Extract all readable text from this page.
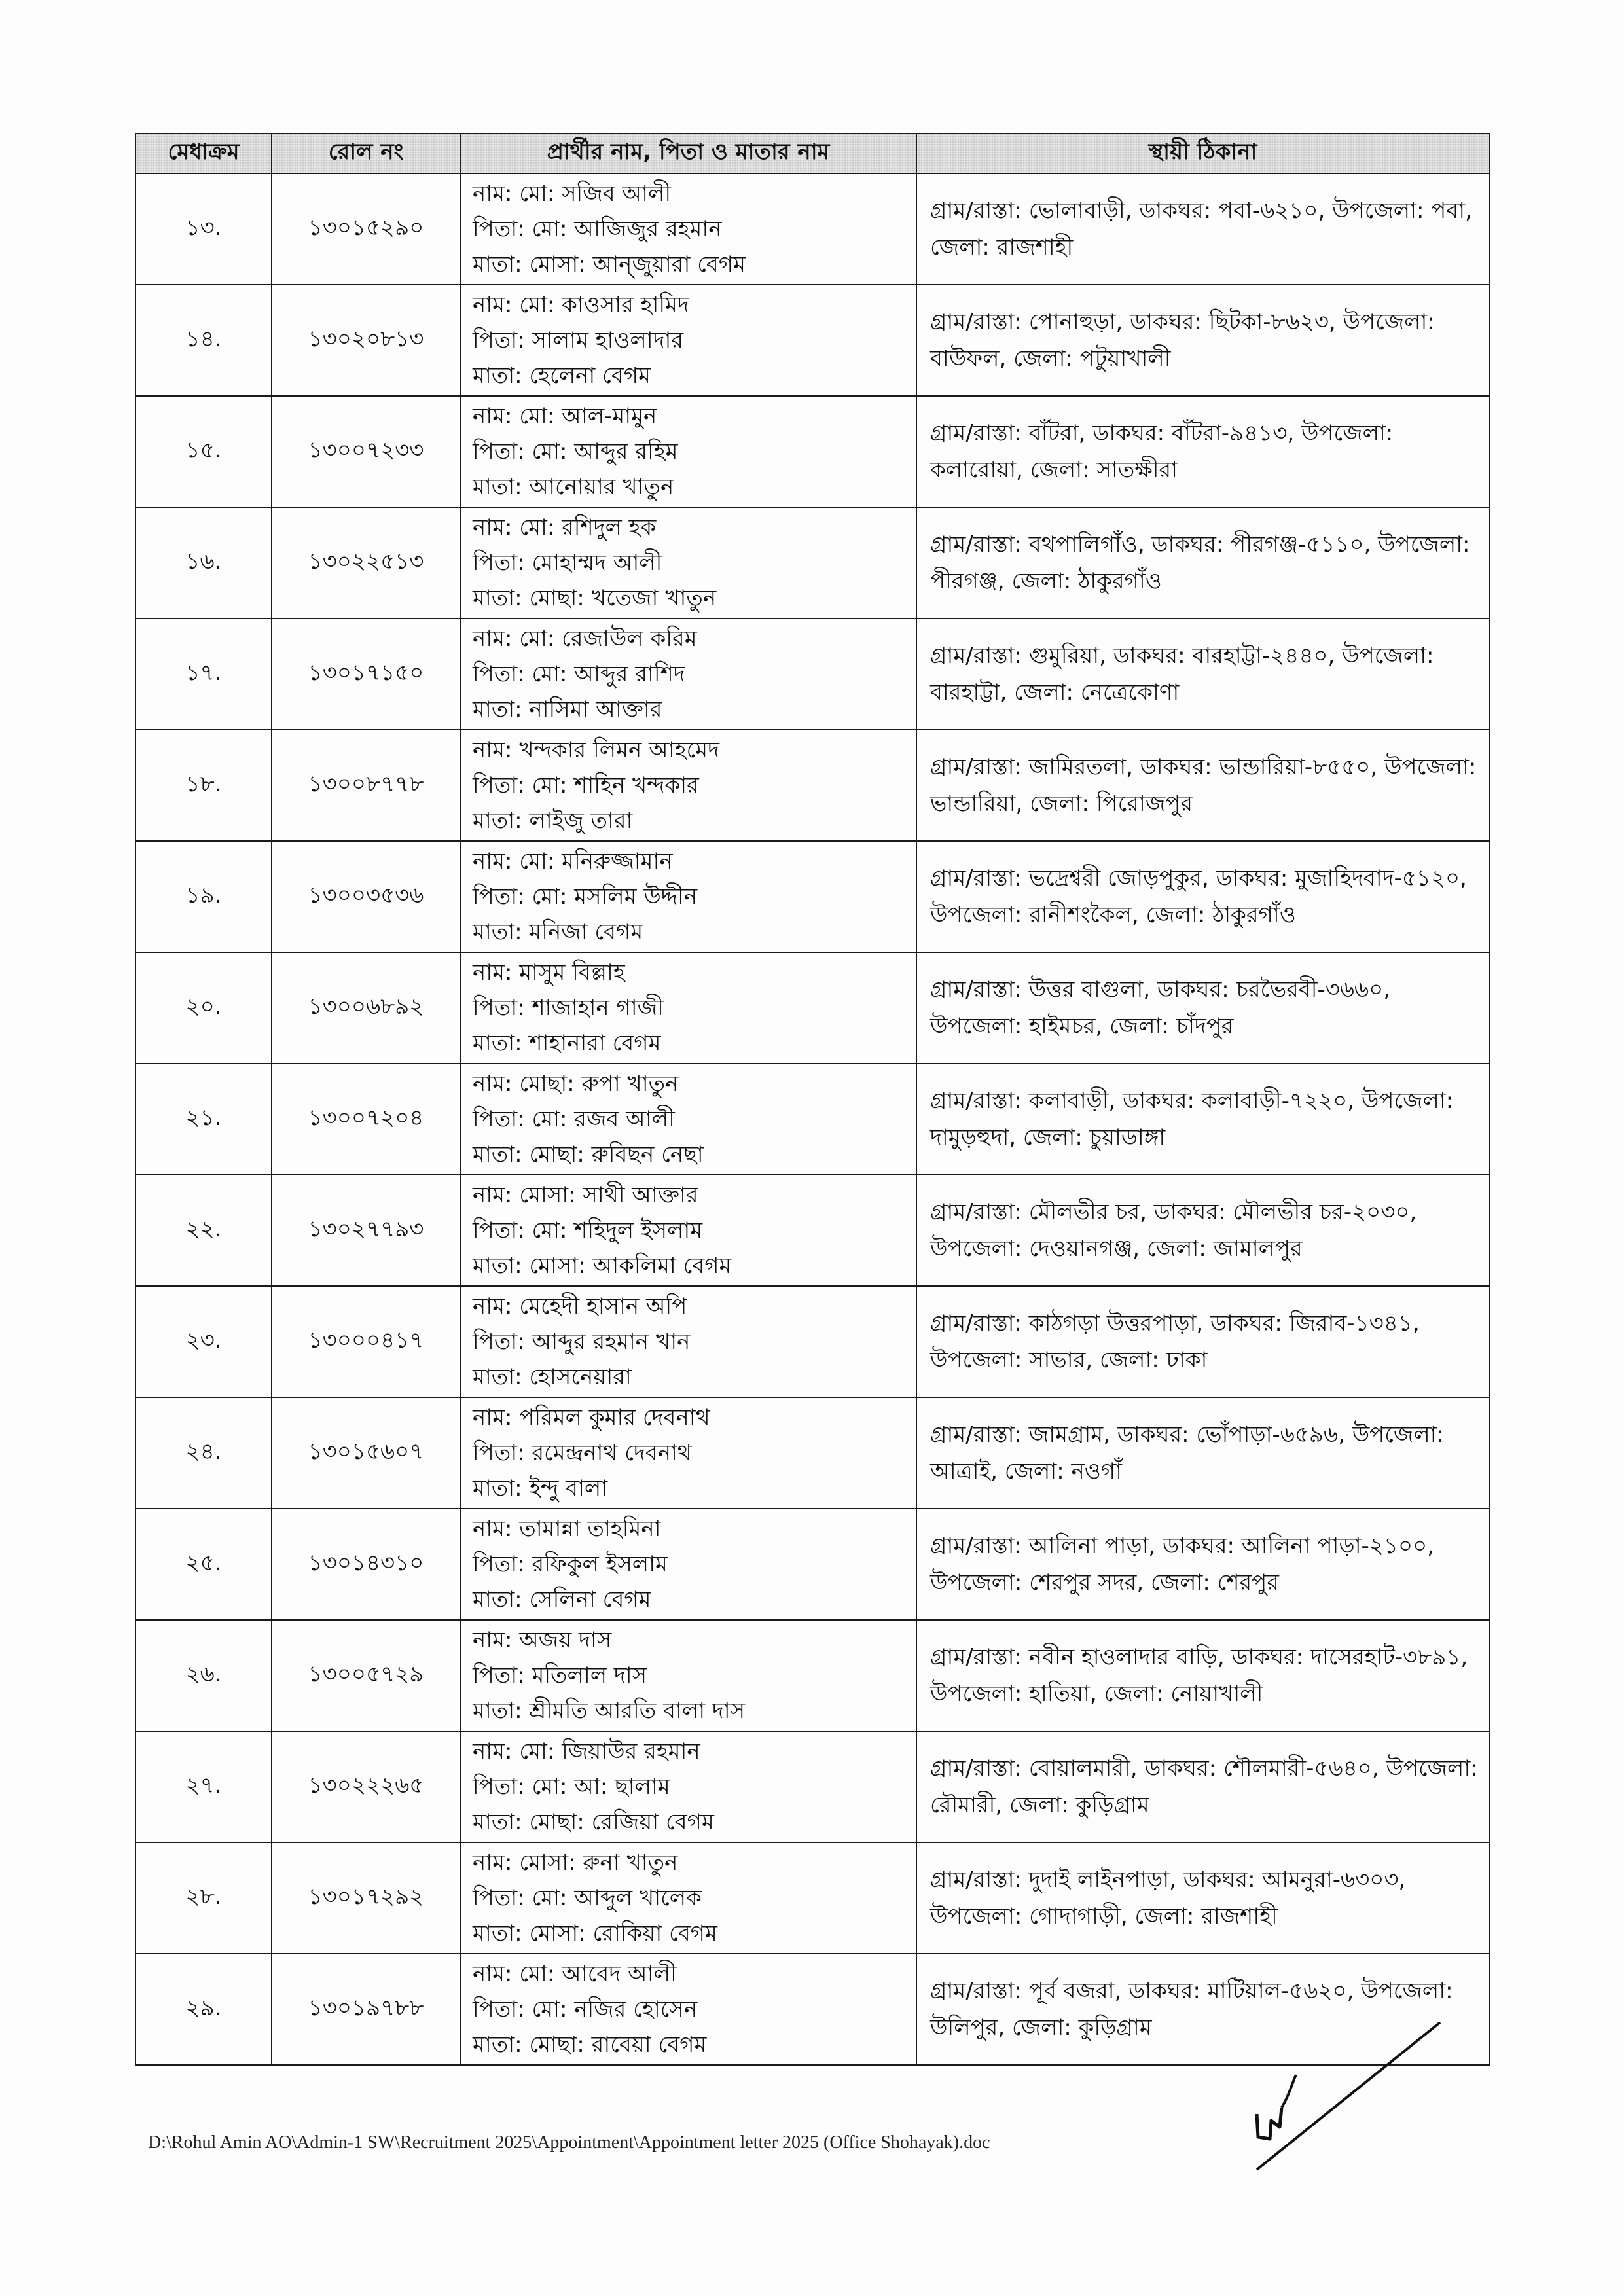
মেধাক্রম	রোল নং	প্রার্থীর নাম, পিতা ও মাতার নাম	স্থায়ী ঠিকানা
১৩.	১৩০১৫২৯০	নাম: মো: সজিব আলী
পিতা: মো: আজিজুর রহমান
মাতা: মোসা: আন্জুয়ারা বেগম	গ্রাম/রাস্তা: ভোলাবাড়ী, ডাকঘর: পবা-৬২১০, উপজেলা: পবা, জেলা: রাজশাহী
১৪.	১৩০২০৮১৩	নাম: মো: কাওসার হামিদ
পিতা: সালাম হাওলাদার
মাতা: হেলেনা বেগম	গ্রাম/রাস্তা: পোনাহুড়া, ডাকঘর: ছিটকা-৮৬২৩, উপজেলা: বাউফল, জেলা: পটুয়াখালী
১৫.	১৩০০৭২৩৩	নাম: মো: আল-মামুন
পিতা: মো: আব্দুর রহিম
মাতা: আনোয়ার খাতুন	গ্রাম/রাস্তা: বাঁটরা, ডাকঘর: বাঁটরা-৯৪১৩, উপজেলা: কলারোয়া, জেলা: সাতক্ষীরা
১৬.	১৩০২২৫১৩	নাম: মো: রশিদুল হক
পিতা: মোহাম্মদ আলী
মাতা: মোছা: খতেজা খাতুন	গ্রাম/রাস্তা: বথপালিগাঁও, ডাকঘর: পীরগঞ্জ-৫১১০, উপজেলা: পীরগঞ্জ, জেলা: ঠাকুরগাঁও
১৭.	১৩০১৭১৫০	নাম: মো: রেজাউল করিম
পিতা: মো: আব্দুর রাশিদ
মাতা: নাসিমা আক্তার	গ্রাম/রাস্তা: গুমুরিয়া, ডাকঘর: বারহাট্টা-২৪৪০, উপজেলা: বারহাট্টা, জেলা: নেত্রেকোণা
১৮.	১৩০০৮৭৭৮	নাম: খন্দকার লিমন আহমেদ
পিতা: মো: শাহিন খন্দকার
মাতা: লাইজু তারা	গ্রাম/রাস্তা: জামিরতলা, ডাকঘর: ভান্ডারিয়া-৮৫৫০, উপজেলা: ভান্ডারিয়া, জেলা: পিরোজপুর
১৯.	১৩০০৩৫৩৬	নাম: মো: মনিরুজ্জামান
পিতা: মো: মসলিম উদ্দীন
মাতা: মনিজা বেগম	গ্রাম/রাস্তা: ভদ্রেশ্বরী জোড়পুকুর, ডাকঘর: মুজাহিদবাদ-৫১২০, উপজেলা: রানীশংকৈল, জেলা: ঠাকুরগাঁও
২০.	১৩০০৬৮৯২	নাম: মাসুম বিল্লাহ
পিতা: শাজাহান গাজী
মাতা: শাহানারা বেগম	গ্রাম/রাস্তা: উত্তর বাগুলা, ডাকঘর: চরভৈরবী-৩৬৬০, উপজেলা: হাইমচর, জেলা: চাঁদপুর
২১.	১৩০০৭২০৪	নাম: মোছা: রুপা খাতুন
পিতা: মো: রজব আলী
মাতা: মোছা: রুবিছন নেছা	গ্রাম/রাস্তা: কলাবাড়ী, ডাকঘর: কলাবাড়ী-৭২২০, উপজেলা: দামুড়হুদা, জেলা: চুয়াডাঙ্গা
২২.	১৩০২৭৭৯৩	নাম: মোসা: সাথী আক্তার
পিতা: মো: শহিদুল ইসলাম
মাতা: মোসা: আকলিমা বেগম	গ্রাম/রাস্তা: মৌলভীর চর, ডাকঘর: মৌলভীর চর-২০৩০, উপজেলা: দেওয়ানগঞ্জ, জেলা: জামালপুর
২৩.	১৩০০০৪১৭	নাম: মেহেদী হাসান অপি
পিতা: আব্দুর রহমান খান
মাতা: হোসনেয়ারা	গ্রাম/রাস্তা: কাঠগড়া উত্তরপাড়া, ডাকঘর: জিরাব-১৩৪১, উপজেলা: সাভার, জেলা: ঢাকা
২৪.	১৩০১৫৬০৭	নাম: পরিমল কুমার দেবনাথ
পিতা: রমেন্দ্রনাথ দেবনাথ
মাতা: ইন্দু বালা	গ্রাম/রাস্তা: জামগ্রাম, ডাকঘর: ভোঁপাড়া-৬৫৯৬, উপজেলা: আত্রাই, জেলা: নওগাঁ
২৫.	১৩০১৪৩১০	নাম: তামান্না তাহমিনা
পিতা: রফিকুল ইসলাম
মাতা: সেলিনা বেগম	গ্রাম/রাস্তা: আলিনা পাড়া, ডাকঘর: আলিনা পাড়া-২১০০, উপজেলা: শেরপুর সদর, জেলা: শেরপুর
২৬.	১৩০০৫৭২৯	নাম: অজয় দাস
পিতা: মতিলাল দাস
মাতা: শ্রীমতি আরতি বালা দাস	গ্রাম/রাস্তা: নবীন হাওলাদার বাড়ি, ডাকঘর: দাসেরহাট-৩৮৯১, উপজেলা: হাতিয়া, জেলা: নোয়াখালী
২৭.	১৩০২২২৬৫	নাম: মো: জিয়াউর রহমান
পিতা: মো: আ: ছালাম
মাতা: মোছা: রেজিয়া বেগম	গ্রাম/রাস্তা: বোয়ালমারী, ডাকঘর: শৌলমারী-৫৬৪০, উপজেলা: রৌমারী, জেলা: কুড়িগ্রাম
২৮.	১৩০১৭২৯২	নাম: মোসা: রুনা খাতুন
পিতা: মো: আব্দুল খালেক
মাতা: মোসা: রোকিয়া বেগম	গ্রাম/রাস্তা: দুদাই লাইনপাড়া, ডাকঘর: আমনুরা-৬৩০৩, উপজেলা: গোদাগাড়ী, জেলা: রাজশাহী
২৯.	১৩০১৯৭৮৮	নাম: মো: আবেদ আলী
পিতা: মো: নজির হোসেন
মাতা: মোছা: রাবেয়া বেগম	গ্রাম/রাস্তা: পূর্ব বজরা, ডাকঘর: মাটিয়াল-৫৬২০, উপজেলা: উলিপুর, জেলা: কুড়িগ্রাম
D:\Rohul Amin AO\Admin-1 SW\Recruitment 2025\Appointment\Appointment letter 2025 (Office Shohayak).doc
